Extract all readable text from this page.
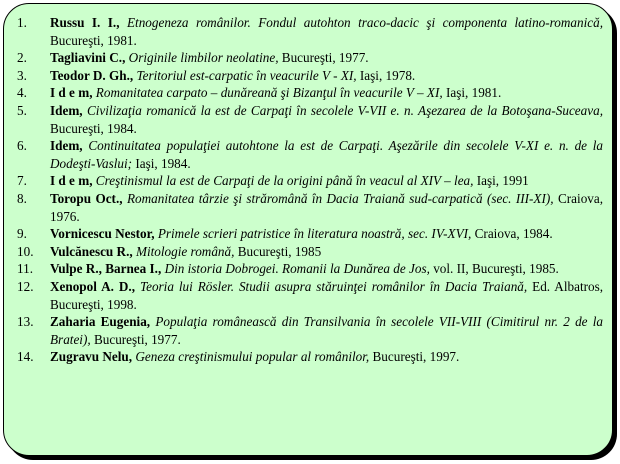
1. Russu I. I., Etnogeneza românilor. Fondul autohton traco-dacic şi componenta latino-romanică, Bucureşti, 1981.
2. Tagliavini C., Originile limbilor neolatine, Bucureşti, 1977.
3. Teodor D. Gh., Teritoriul est-carpatic în veacurile V - XI, Iaşi, 1978.
4. I d e m, Romanitatea carpato – dunăreană şi Bizanţul în veacurile V – XI, Iaşi, 1981.
5. Idem, Civilizaţia romanică la est de Carpaţi în secolele V-VII e. n. Aşezarea de la Botoşana-Suceava, Bucureşti, 1984.
6. Idem, Continuitatea populaţiei autohtone la est de Carpaţi. Aşezările din secolele V-XI e. n. de la Dodeşti-Vaslui; Iaşi, 1984.
7. I d e m, Creştinismul la est de Carpaţi de la origini până în veacul al XIV – lea, Iaşi, 1991
8. Toropu Oct., Romanitatea târzie şi străromână în Dacia Traiană sud-carpatică (sec. III-XI), Craiova, 1976.
9. Vornicescu Nestor, Primele scrieri patristice în literatura noastră, sec. IV-XVI, Craiova, 1984.
10. Vulcănescu R., Mitologie română, Bucureşti, 1985
11. Vulpe R., Barnea I., Din istoria Dobrogei. Romanii la Dunărea de Jos, vol. II, Bucureşti, 1985.
12. Xenopol A. D., Teoria lui Rösler. Studii asupra stăruinţei românilor în Dacia Traiană, Ed. Albatros, Bucureşti, 1998.
13. Zaharia Eugenia, Populaţia românească din Transilvania în secolele VII-VIII (Cimitirul nr. 2 de la Bratei), Bucureşti, 1977.
14. Zugravu Nelu, Geneza creştinismului popular al românilor, Bucureşti, 1997.
